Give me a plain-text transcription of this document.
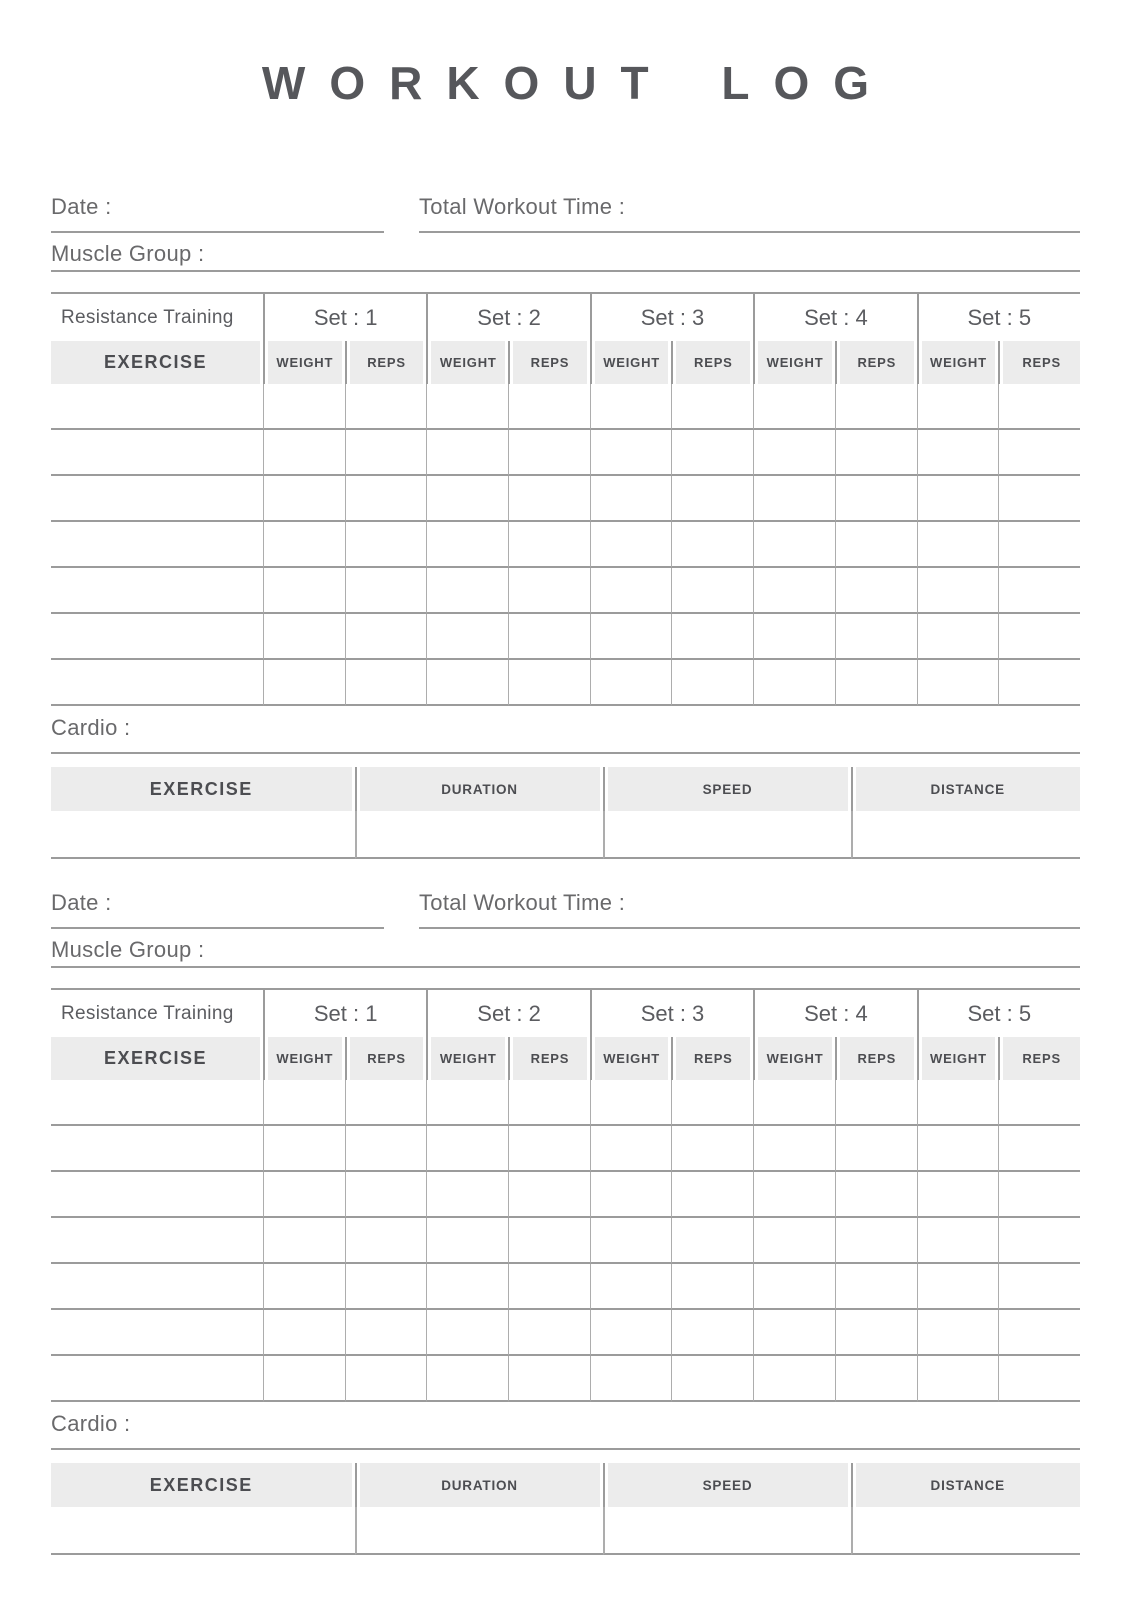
WORKOUT LOG
Date :	Total Workout Time :
Muscle Group :
Resistance Training	Set : 1	Set : 2	Set : 3	Set : 4	Set : 5
EXERCISE	WEIGHT	REPS	WEIGHT	REPS	WEIGHT	REPS	WEIGHT	REPS	WEIGHT	REPS
Cardio :
EXERCISE	DURATION	SPEED	DISTANCE
Date :	Total Workout Time :
Muscle Group :
Resistance Training	Set : 1	Set : 2	Set : 3	Set : 4	Set : 5
EXERCISE	WEIGHT	REPS	WEIGHT	REPS	WEIGHT	REPS	WEIGHT	REPS	WEIGHT	REPS
Cardio :
EXERCISE	DURATION	SPEED	DISTANCE
